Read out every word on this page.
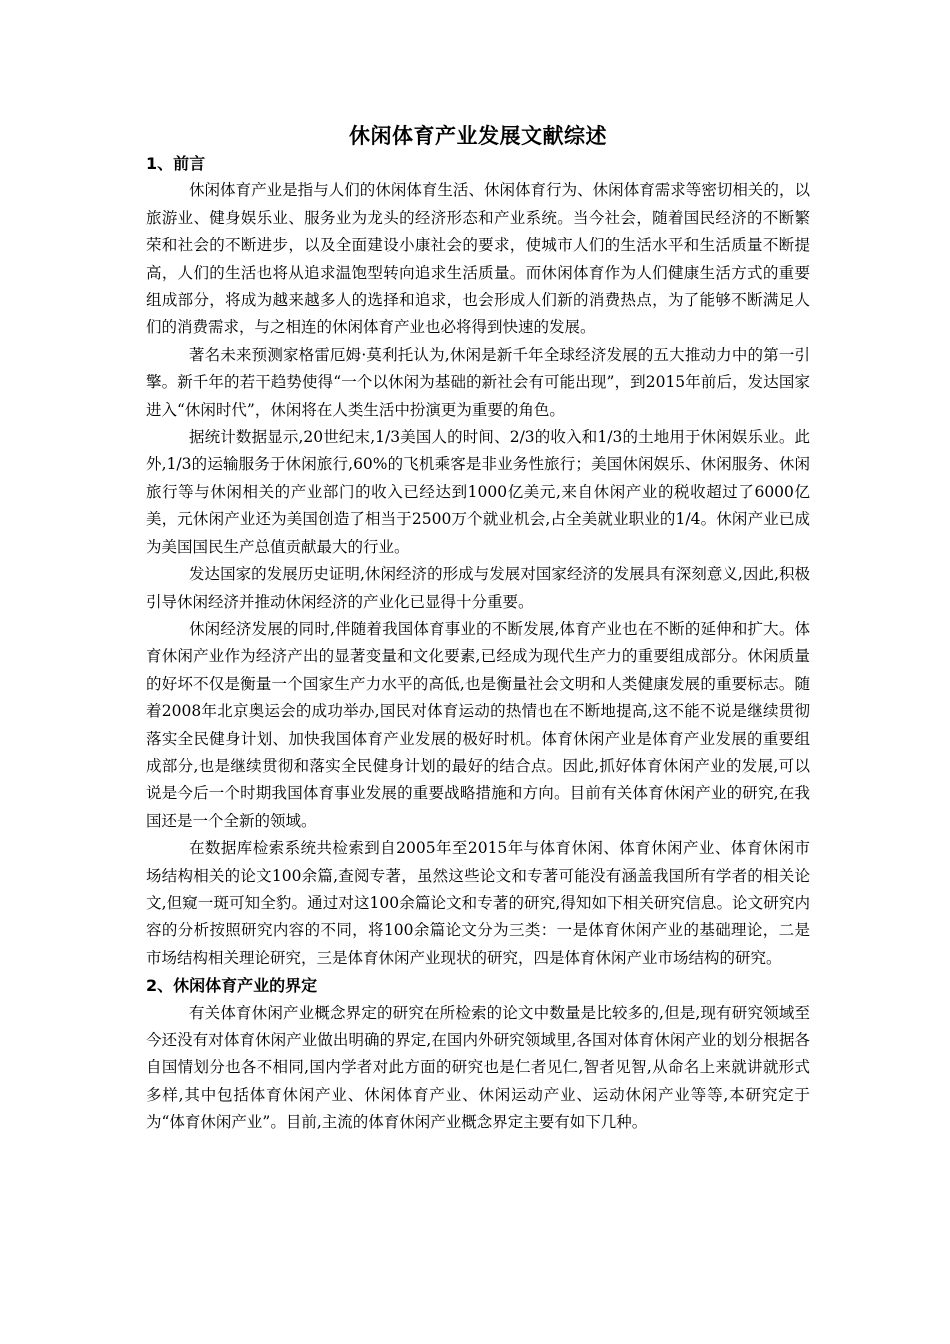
休闲体育产业发展文献综述
1、前言

休闲体育产业是指与人们的休闲体育生活、休闲体育行为、休闲体育需求等密切相关的，以旅游业、健身娱乐业、服务业为龙头的经济形态和产业系统。当今社会，随着国民经济的不断繁荣和社会的不断进步，以及全面建设小康社会的要求，使城市人们的生活水平和生活质量不断提高，人们的生活也将从追求温饱型转向追求生活质量。而休闲体育作为人们健康生活方式的重要组成部分，将成为越来越多人的选择和追求，也会形成人们新的消费热点，为了能够不断满足人们的消费需求，与之相连的休闲体育产业也必将得到快速的发展。

著名未来预测家格雷厄姆·莫利托认为,休闲是新千年全球经济发展的五大推动力中的第一引擎。新千年的若干趋势使得“一个以休闲为基础的新社会有可能出现”，到2015年前后，发达国家进入“休闲时代”，休闲将在人类生活中扮演更为重要的角色。

据统计数据显示,20世纪末,1/3美国人的时间、2/3的收入和1/3的土地用于休闲娱乐业。此外,1/3的运输服务于休闲旅行,60%的飞机乘客是非业务性旅行；美国休闲娱乐、休闲服务、休闲旅行等与休闲相关的产业部门的收入已经达到1000亿美元,来自休闲产业的税收超过了6000亿美，元休闲产业还为美国创造了相当于2500万个就业机会,占全美就业职业的1/4。休闲产业已成为美国国民生产总值贡献最大的行业。

发达国家的发展历史证明,休闲经济的形成与发展对国家经济的发展具有深刻意义,因此,积极引导休闲经济并推动休闲经济的产业化已显得十分重要。

休闲经济发展的同时,伴随着我国体育事业的不断发展,体育产业也在不断的延伸和扩大。体育休闲产业作为经济产出的显著变量和文化要素,已经成为现代生产力的重要组成部分。休闲质量的好坏不仅是衡量一个国家生产力水平的高低,也是衡量社会文明和人类健康发展的重要标志。随着2008年北京奥运会的成功举办,国民对体育运动的热情也在不断地提高,这不能不说是继续贯彻落实全民健身计划、加快我国体育产业发展的极好时机。体育休闲产业是体育产业发展的重要组成部分,也是继续贯彻和落实全民健身计划的最好的结合点。因此,抓好体育休闲产业的发展,可以说是今后一个时期我国体育事业发展的重要战略措施和方向。目前有关体育休闲产业的研究,在我国还是一个全新的领域。

在数据库检索系统共检索到自2005年至2015年与体育休闲、体育休闲产业、体育休闲市场结构相关的论文100余篇,查阅专著，虽然这些论文和专著可能没有涵盖我国所有学者的相关论文,但窥一斑可知全豹。通过对这100余篇论文和专著的研究,得知如下相关研究信息。论文研究内容的分析按照研究内容的不同，将100余篇论文分为三类：一是体育休闲产业的基础理论，二是市场结构相关理论研究，三是体育休闲产业现状的研究，四是体育休闲产业市场结构的研究。

2、休闲体育产业的界定

有关体育休闲产业概念界定的研究在所检索的论文中数量是比较多的,但是,现有研究领域至今还没有对体育休闲产业做出明确的界定,在国内外研究领域里,各国对体育休闲产业的划分根据各自国情划分也各不相同,国内学者对此方面的研究也是仁者见仁,智者见智,从命名上来就讲就形式多样,其中包括体育休闲产业、休闲体育产业、休闲运动产业、运动休闲产业等等,本研究定于为“体育休闲产业”。目前,主流的体育休闲产业概念界定主要有如下几种。
